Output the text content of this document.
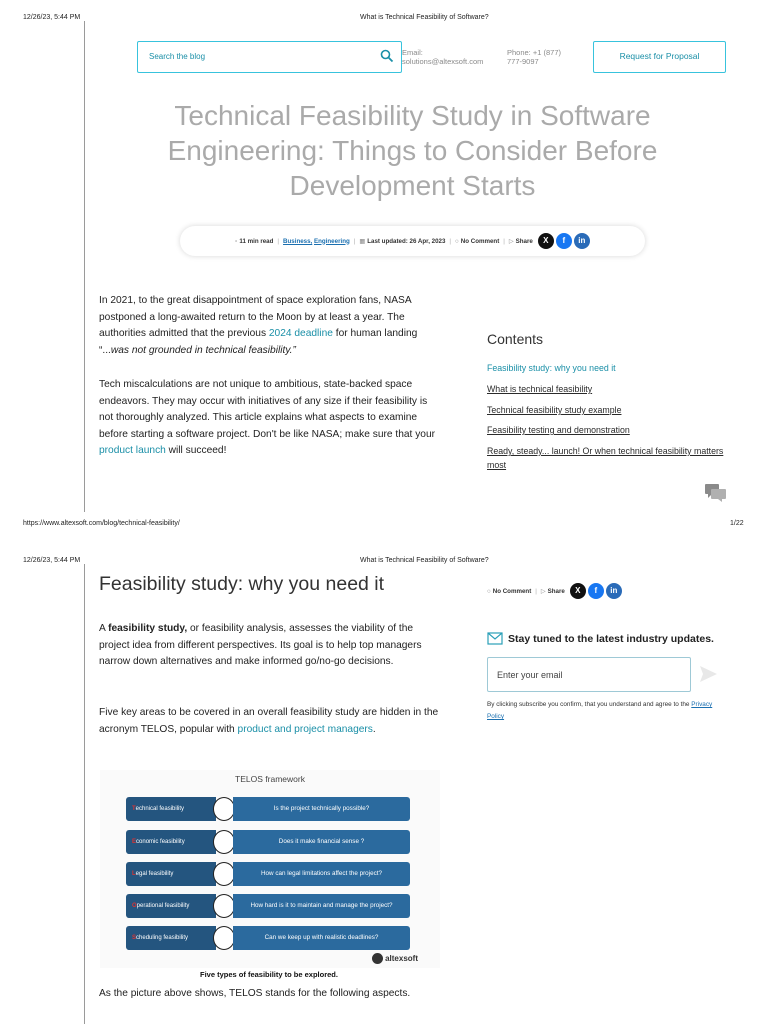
12/26/23, 5:44 PM	What is Technical Feasibility of Software?
Search the blog	Email:
solutions@altexsoft.com
Phone: +1 (877)
777-9097
Request for Proposal
Technical Feasibility Study in Software Engineering: Things to Consider Before Development Starts
▫ 11 min read | Business,
Engineering | ▦ Last updated: 26 Apr, 2023 | ○ No Comment | ▷ Share	X	f	in
In 2021, to the great disappointment of space exploration fans, NASA postponed a long-awaited return to the Moon by at least a year. The authorities admitted that the previous 2024 deadline for human landing “...was not grounded in technical feasibility.”
Tech miscalculations are not unique to ambitious, state-backed space endeavors. They may occur with initiatives of any size if their feasibility is not thoroughly analyzed. This article explains what aspects to examine before starting a software project. Don't be like NASA; make sure that your product launch will succeed!
Contents
Feasibility study: why you need it
What is technical feasibility
Technical feasibility study example
Feasibility testing and demonstration
Ready, steady... launch! Or when technical feasibility matters most
https://www.altexsoft.com/blog/technical-feasibility/	1/22
12/26/23, 5:44 PM	What is Technical Feasibility of Software?
Feasibility study: why you need it	○ No Comment | ▷ Share	X	f	in
A feasibility study, or feasibility analysis, assesses the viability of the project idea from different perspectives. Its goal is to help top managers narrow down alternatives and make informed go/no-go decisions.
Five key areas to be covered in an overall feasibility study are hidden in the acronym TELOS, popular with product and project managers.
TELOS framework
Technical feasibility	Is the project technically possible?
Economic feasibility	Does it make financial sense ?
Legal feasibility	How can legal limitations affect the project?
Operational feasibility	How hard is it to maintain and manage the project?
Scheduling feasibility	Can we keep up with realistic deadlines?
altexsoft
Five types of feasibility to be explored.
As the picture above shows, TELOS stands for the following aspects.
Stay tuned to the latest industry updates.
Enter your email
By clicking subscribe you confirm, that you understand and agree to the Privacy Policy
